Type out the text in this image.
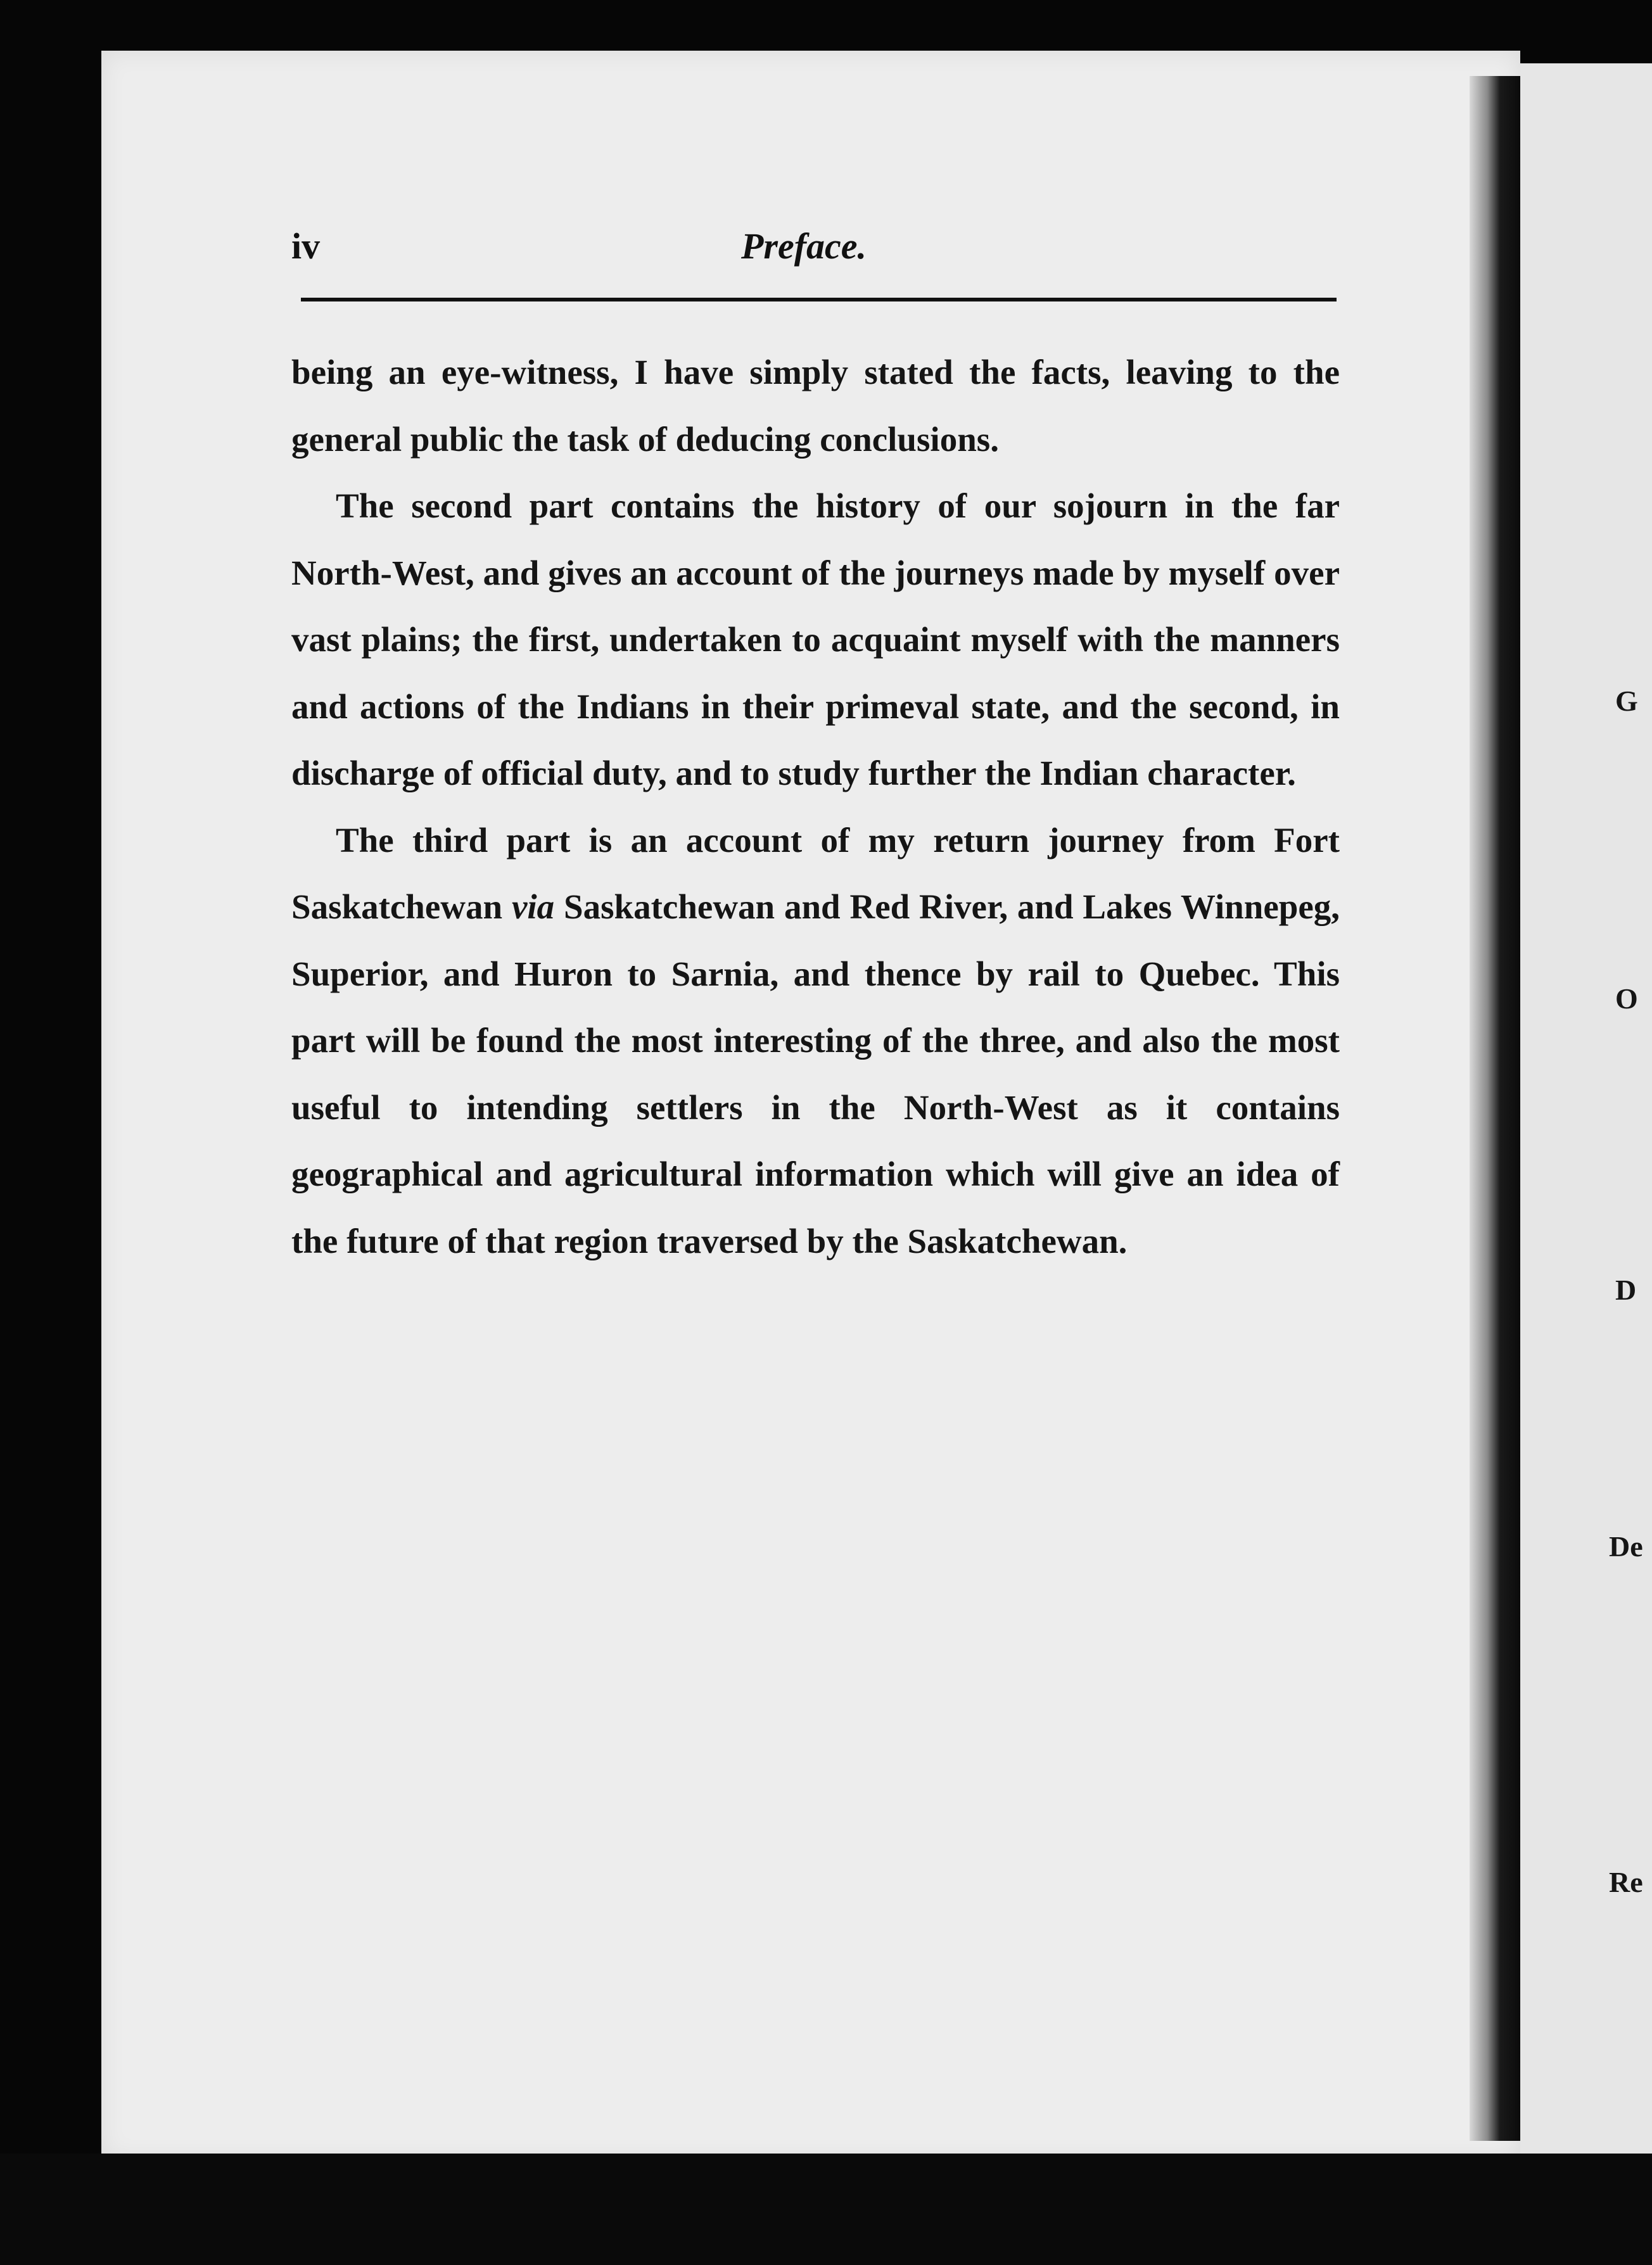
iv	Preface.

being an eye-witness, I have simply stated the facts, leaving to the general public the task of deducing conclusions.

The second part contains the history of our sojourn in the far North-West, and gives an account of the journeys made by myself over vast plains; the first, undertaken to acquaint myself with the manners and actions of the Indians in their primeval state, and the second, in discharge of official duty, and to study further the Indian character.

The third part is an account of my return journey from Fort Saskatchewan via Saskatchewan and Red River, and Lakes Winnepeg, Superior, and Huron to Sarnia, and thence by rail to Quebec. This part will be found the most interesting of the three, and also the most useful to intending settlers in the North-West as it contains geographical and agricultural information which will give an idea of the future of that region traversed by the Saskatchewan.

G
O
D
De
Re
